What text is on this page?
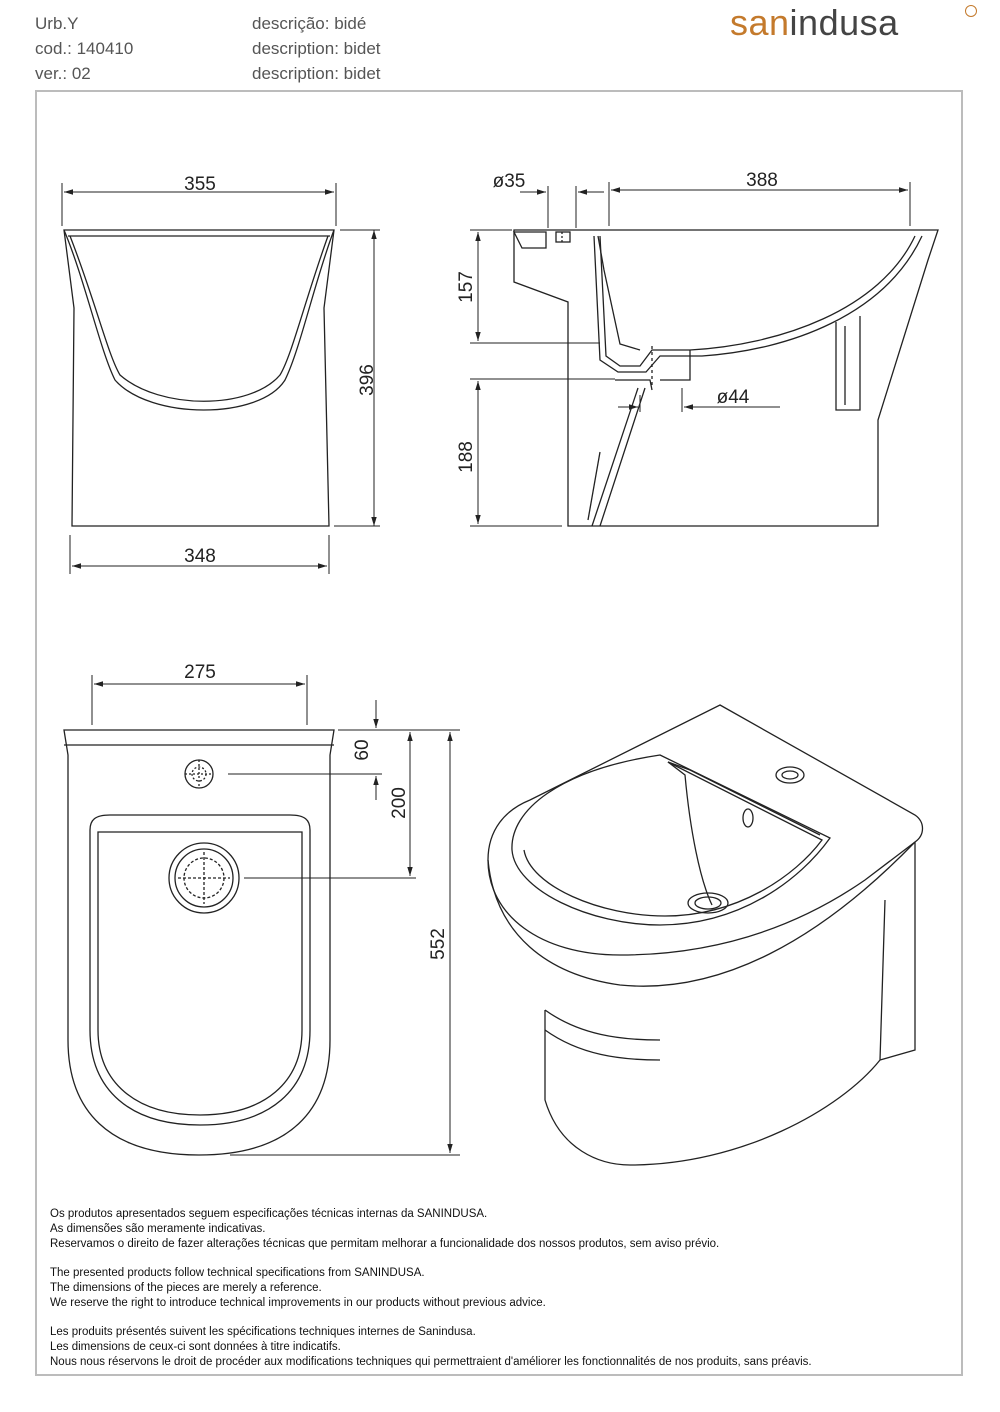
Urb.Y
cod.: 140410
ver.: 02
descrição: bidé
description: bidet
description: bidet
sanindusa
355
396
348
ø35	388
157
188
ø44
275
60
200
552
Os produtos apresentados seguem especificações técnicas internas da SANINDUSA.
As dimensões são meramente indicativas.
Reservamos o direito de fazer alterações técnicas que permitam melhorar a funcionalidade dos nossos produtos, sem aviso prévio.
The presented products follow technical specifications from SANINDUSA.
The dimensions of the pieces are merely a reference.
We reserve the right to introduce technical improvements in our products without previous advice.
Les produits présentés suivent les spécifications techniques internes de Sanindusa.
Les dimensions de ceux-ci sont données à titre indicatifs.
Nous nous réservons le droit de procéder aux modifications techniques qui permettraient d'améliorer les fonctionnalités de nos produits, sans préavis.
